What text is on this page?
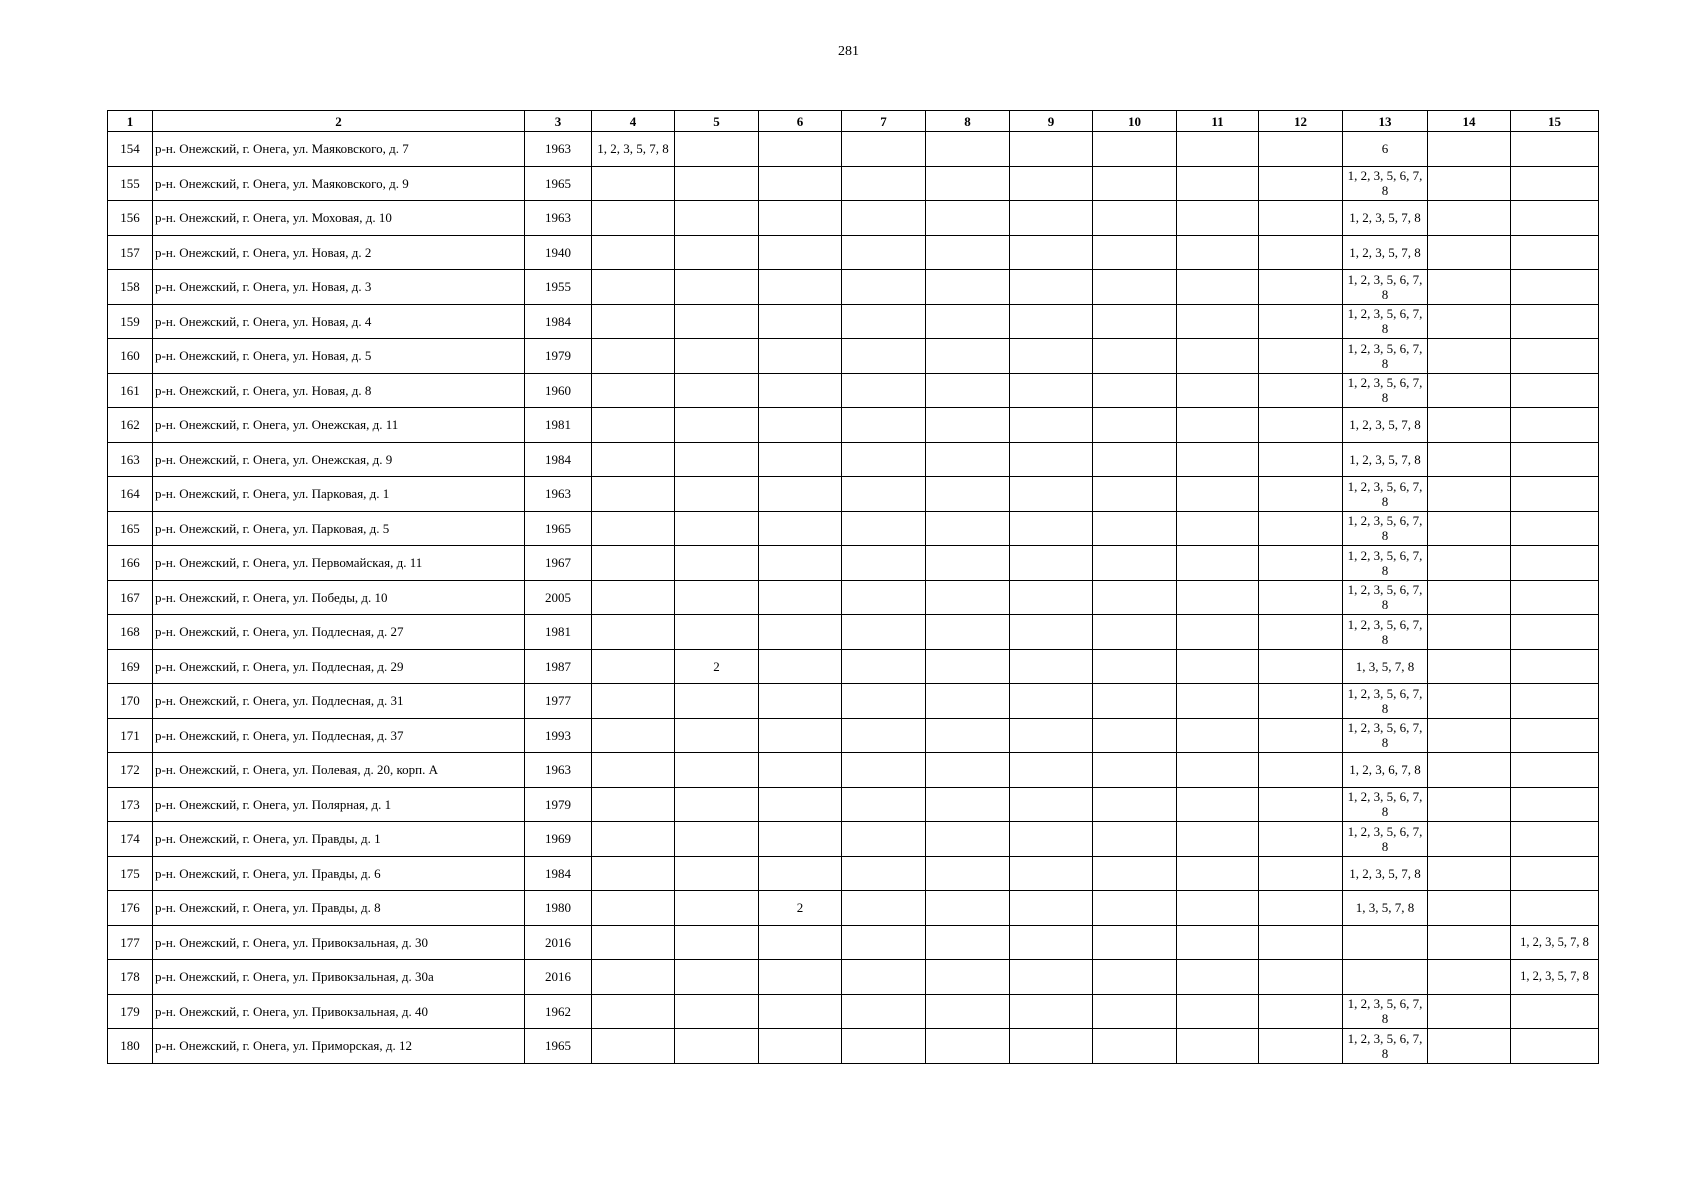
281
1	2	3	4	5	6	7	8	9	10	11	12	13	14	15
154	р-н. Онежский, г. Онега, ул. Маяковского, д. 7	1963	1, 2, 3, 5, 7, 8									6		
155	р-н. Онежский, г. Онега, ул. Маяковского, д. 9	1965										1, 2, 3, 5, 6, 7, 8		
156	р-н. Онежский, г. Онега, ул. Моховая, д. 10	1963										1, 2, 3, 5, 7, 8		
157	р-н. Онежский, г. Онега, ул. Новая, д. 2	1940										1, 2, 3, 5, 7, 8		
158	р-н. Онежский, г. Онега, ул. Новая, д. 3	1955										1, 2, 3, 5, 6, 7, 8		
159	р-н. Онежский, г. Онега, ул. Новая, д. 4	1984										1, 2, 3, 5, 6, 7, 8		
160	р-н. Онежский, г. Онега, ул. Новая, д. 5	1979										1, 2, 3, 5, 6, 7, 8		
161	р-н. Онежский, г. Онега, ул. Новая, д. 8	1960										1, 2, 3, 5, 6, 7, 8		
162	р-н. Онежский, г. Онега, ул. Онежская, д. 11	1981										1, 2, 3, 5, 7, 8		
163	р-н. Онежский, г. Онега, ул. Онежская, д. 9	1984										1, 2, 3, 5, 7, 8		
164	р-н. Онежский, г. Онега, ул. Парковая, д. 1	1963										1, 2, 3, 5, 6, 7, 8		
165	р-н. Онежский, г. Онега, ул. Парковая, д. 5	1965										1, 2, 3, 5, 6, 7, 8		
166	р-н. Онежский, г. Онега, ул. Первомайская, д. 11	1967										1, 2, 3, 5, 6, 7, 8		
167	р-н. Онежский, г. Онега, ул. Победы, д. 10	2005										1, 2, 3, 5, 6, 7, 8		
168	р-н. Онежский, г. Онега, ул. Подлесная, д. 27	1981										1, 2, 3, 5, 6, 7, 8		
169	р-н. Онежский, г. Онега, ул. Подлесная, д. 29	1987		2								1, 3, 5, 7, 8		
170	р-н. Онежский, г. Онега, ул. Подлесная, д. 31	1977										1, 2, 3, 5, 6, 7, 8		
171	р-н. Онежский, г. Онега, ул. Подлесная, д. 37	1993										1, 2, 3, 5, 6, 7, 8		
172	р-н. Онежский, г. Онега, ул. Полевая, д. 20, корп. А	1963										1, 2, 3, 6, 7, 8		
173	р-н. Онежский, г. Онега, ул. Полярная, д. 1	1979										1, 2, 3, 5, 6, 7, 8		
174	р-н. Онежский, г. Онега, ул. Правды, д. 1	1969										1, 2, 3, 5, 6, 7, 8		
175	р-н. Онежский, г. Онега, ул. Правды, д. 6	1984										1, 2, 3, 5, 7, 8		
176	р-н. Онежский, г. Онега, ул. Правды, д. 8	1980			2							1, 3, 5, 7, 8		
177	р-н. Онежский, г. Онега, ул. Привокзальная, д. 30	2016												1, 2, 3, 5, 7, 8
178	р-н. Онежский, г. Онега, ул. Привокзальная, д. 30а	2016												1, 2, 3, 5, 7, 8
179	р-н. Онежский, г. Онега, ул. Привокзальная, д. 40	1962										1, 2, 3, 5, 6, 7, 8		
180	р-н. Онежский, г. Онега, ул. Приморская, д. 12	1965										1, 2, 3, 5, 6, 7, 8		
